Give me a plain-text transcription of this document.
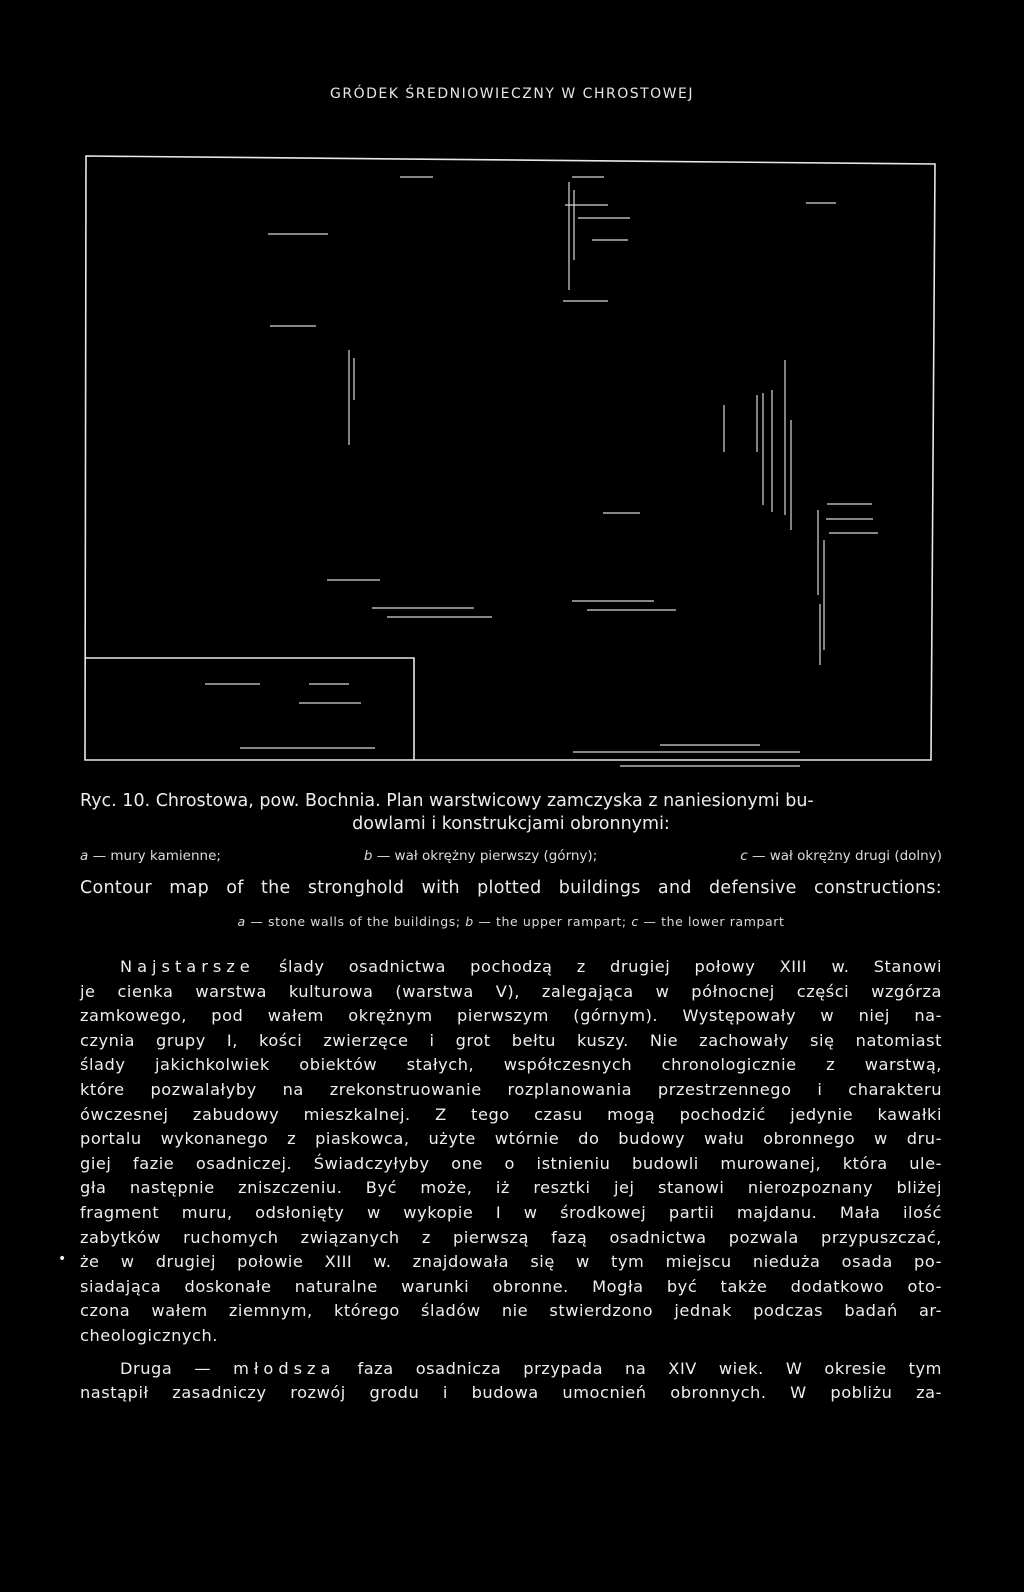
GRÓDEK ŚREDNIOWIECZNY W CHROSTOWEJ
Ryc. 10. Chrostowa, pow. Bochnia. Plan warstwicowy zamczyska z naniesionymi bu-
dowlami i konstrukcjami obronnymi:
a — mury kamienne;	b — wał okrężny pierwszy (górny);	c — wał okrężny drugi (dolny)
Contour map of the stronghold with plotted buildings and defensive constructions:
a — stone walls of the buildings; b — the upper rampart; c — the lower rampart

Najstarsze ślady osadnictwa pochodzą z drugiej połowy XIII w. Stanowi
je cienka warstwa kulturowa (warstwa V), zalegająca w północnej części wzgórza
zamkowego, pod wałem okrężnym pierwszym (górnym). Występowały w niej na-
czynia grupy I, kości zwierzęce i grot bełtu kuszy. Nie zachowały się natomiast
ślady jakichkolwiek obiektów stałych, współczesnych chronologicznie z warstwą,
które pozwalałyby na zrekonstruowanie rozplanowania przestrzennego i charakteru
ówczesnej zabudowy mieszkalnej. Z tego czasu mogą pochodzić jedynie kawałki
portalu wykonanego z piaskowca, użyte wtórnie do budowy wału obronnego w dru-
giej fazie osadniczej. Świadczyłyby one o istnieniu budowli murowanej, która ule-
gła następnie zniszczeniu. Być może, iż resztki jej stanowi nierozpoznany bliżej
fragment muru, odsłonięty w wykopie I w środkowej partii majdanu. Mała ilość
zabytków ruchomych związanych z pierwszą fazą osadnictwa pozwala przypuszczać,
że w drugiej połowie XIII w. znajdowała się w tym miejscu nieduża osada po-
siadająca doskonałe naturalne warunki obronne. Mogła być także dodatkowo oto-
czona wałem ziemnym, którego śladów nie stwierdzono jednak podczas badań ar-
cheologicznych.

Druga — młodsza faza osadnicza przypada na XIV wiek. W okresie tym
nastąpił zasadniczy rozwój grodu i budowa umocnień obronnych. W pobliżu za-

•
